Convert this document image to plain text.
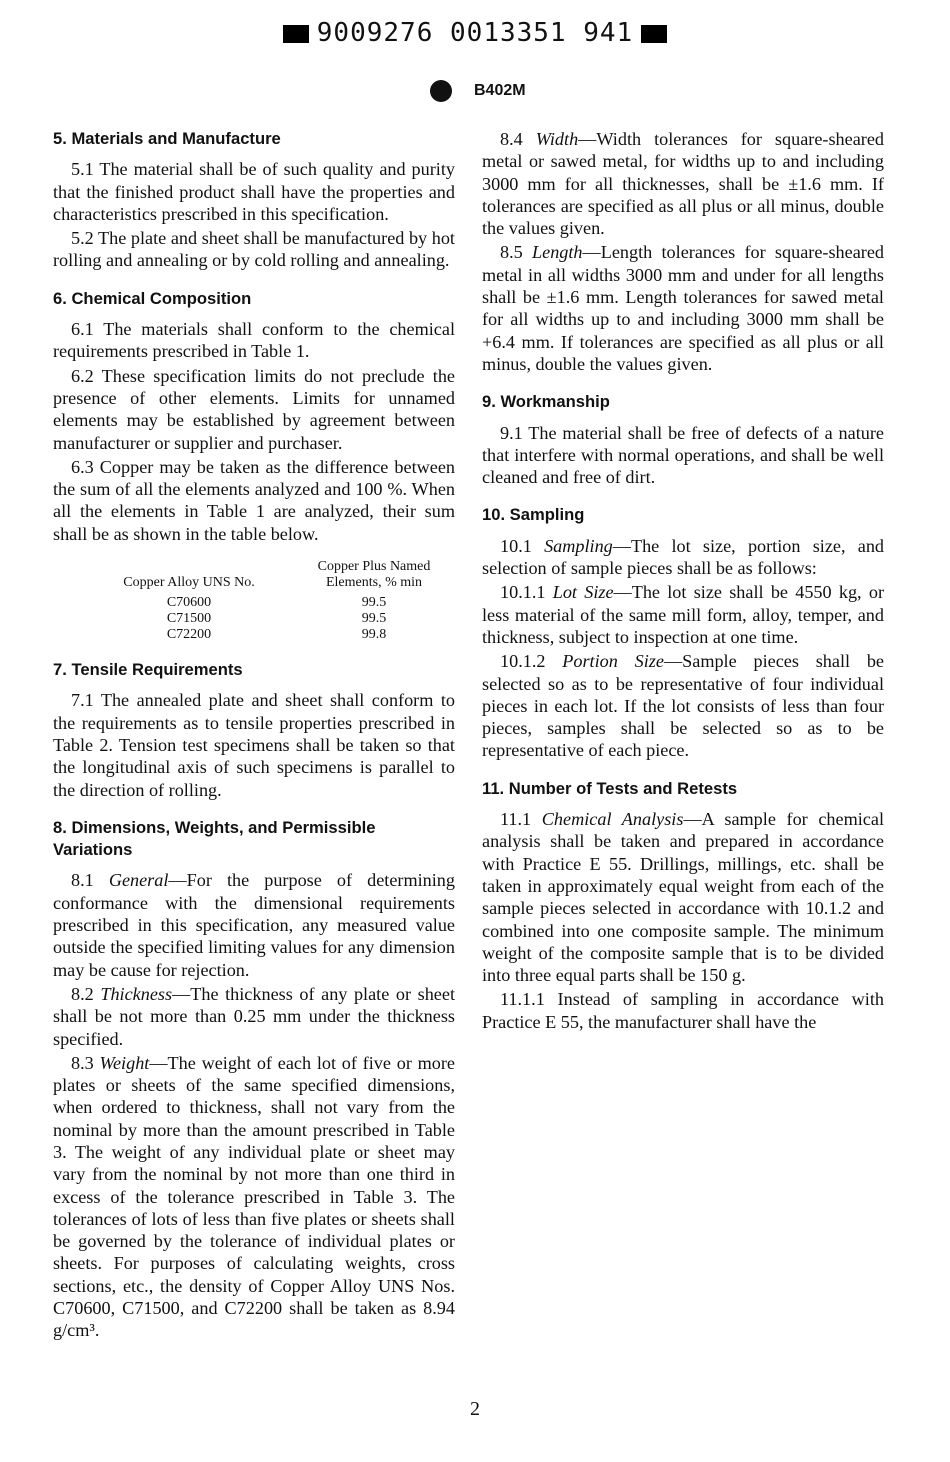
9009276 0013351 941
B402M
5. Materials and Manufacture

5.1 The material shall be of such quality and purity that the finished product shall have the properties and characteristics prescribed in this specification.

5.2 The plate and sheet shall be manufactured by hot rolling and annealing or by cold rolling and annealing.

6. Chemical Composition

6.1 The materials shall conform to the chemical requirements prescribed in Table 1.

6.2 These specification limits do not preclude the presence of other elements. Limits for unnamed elements may be established by agreement between manufacturer or supplier and purchaser.

6.3 Copper may be taken as the difference between the sum of all the elements analyzed and 100 %. When all the elements in Table 1 are analyzed, their sum shall be as shown in the table below.

Copper Alloy UNS No.	Copper Plus Named Elements, % min
C70600	99.5
C71500	99.5
C72200	99.8
7. Tensile Requirements

7.1 The annealed plate and sheet shall conform to the requirements as to tensile properties prescribed in Table 2. Tension test specimens shall be taken so that the longitudinal axis of such specimens is parallel to the direction of rolling.

8. Dimensions, Weights, and Permissible Variations

8.1 General—For the purpose of determining conformance with the dimensional requirements prescribed in this specification, any measured value outside the specified limiting values for any dimension may be cause for rejection.

8.2 Thickness—The thickness of any plate or sheet shall be not more than 0.25 mm under the thickness specified.

8.3 Weight—The weight of each lot of five or more plates or sheets of the same specified dimensions, when ordered to thickness, shall not vary from the nominal by more than the amount prescribed in Table 3. The weight of any individual plate or sheet may vary from the nominal by not more than one third in excess of the tolerance prescribed in Table 3. The tolerances of lots of less than five plates or sheets shall be governed by the tolerance of individual plates or sheets. For purposes of calculating weights, cross sections, etc., the density of Copper Alloy UNS Nos. C70600, C71500, and C72200 shall be taken as 8.94 g/cm³.

8.4 Width—Width tolerances for square-sheared metal or sawed metal, for widths up to and including 3000 mm for all thicknesses, shall be ±1.6 mm. If tolerances are specified as all plus or all minus, double the values given.

8.5 Length—Length tolerances for square-sheared metal in all widths 3000 mm and under for all lengths shall be ±1.6 mm. Length tolerances for sawed metal for all widths up to and including 3000 mm shall be +6.4 mm. If tolerances are specified as all plus or all minus, double the values given.

9. Workmanship

9.1 The material shall be free of defects of a nature that interfere with normal operations, and shall be well cleaned and free of dirt.

10. Sampling

10.1 Sampling—The lot size, portion size, and selection of sample pieces shall be as follows:

10.1.1 Lot Size—The lot size shall be 4550 kg, or less material of the same mill form, alloy, temper, and thickness, subject to inspection at one time.

10.1.2 Portion Size—Sample pieces shall be selected so as to be representative of four individual pieces in each lot. If the lot consists of less than four pieces, samples shall be selected so as to be representative of each piece.

11. Number of Tests and Retests

11.1 Chemical Analysis—A sample for chemical analysis shall be taken and prepared in accordance with Practice E 55. Drillings, millings, etc. shall be taken in approximately equal weight from each of the sample pieces selected in accordance with 10.1.2 and combined into one composite sample. The minimum weight of the composite sample that is to be divided into three equal parts shall be 150 g.

11.1.1 Instead of sampling in accordance with Practice E 55, the manufacturer shall have the

2
